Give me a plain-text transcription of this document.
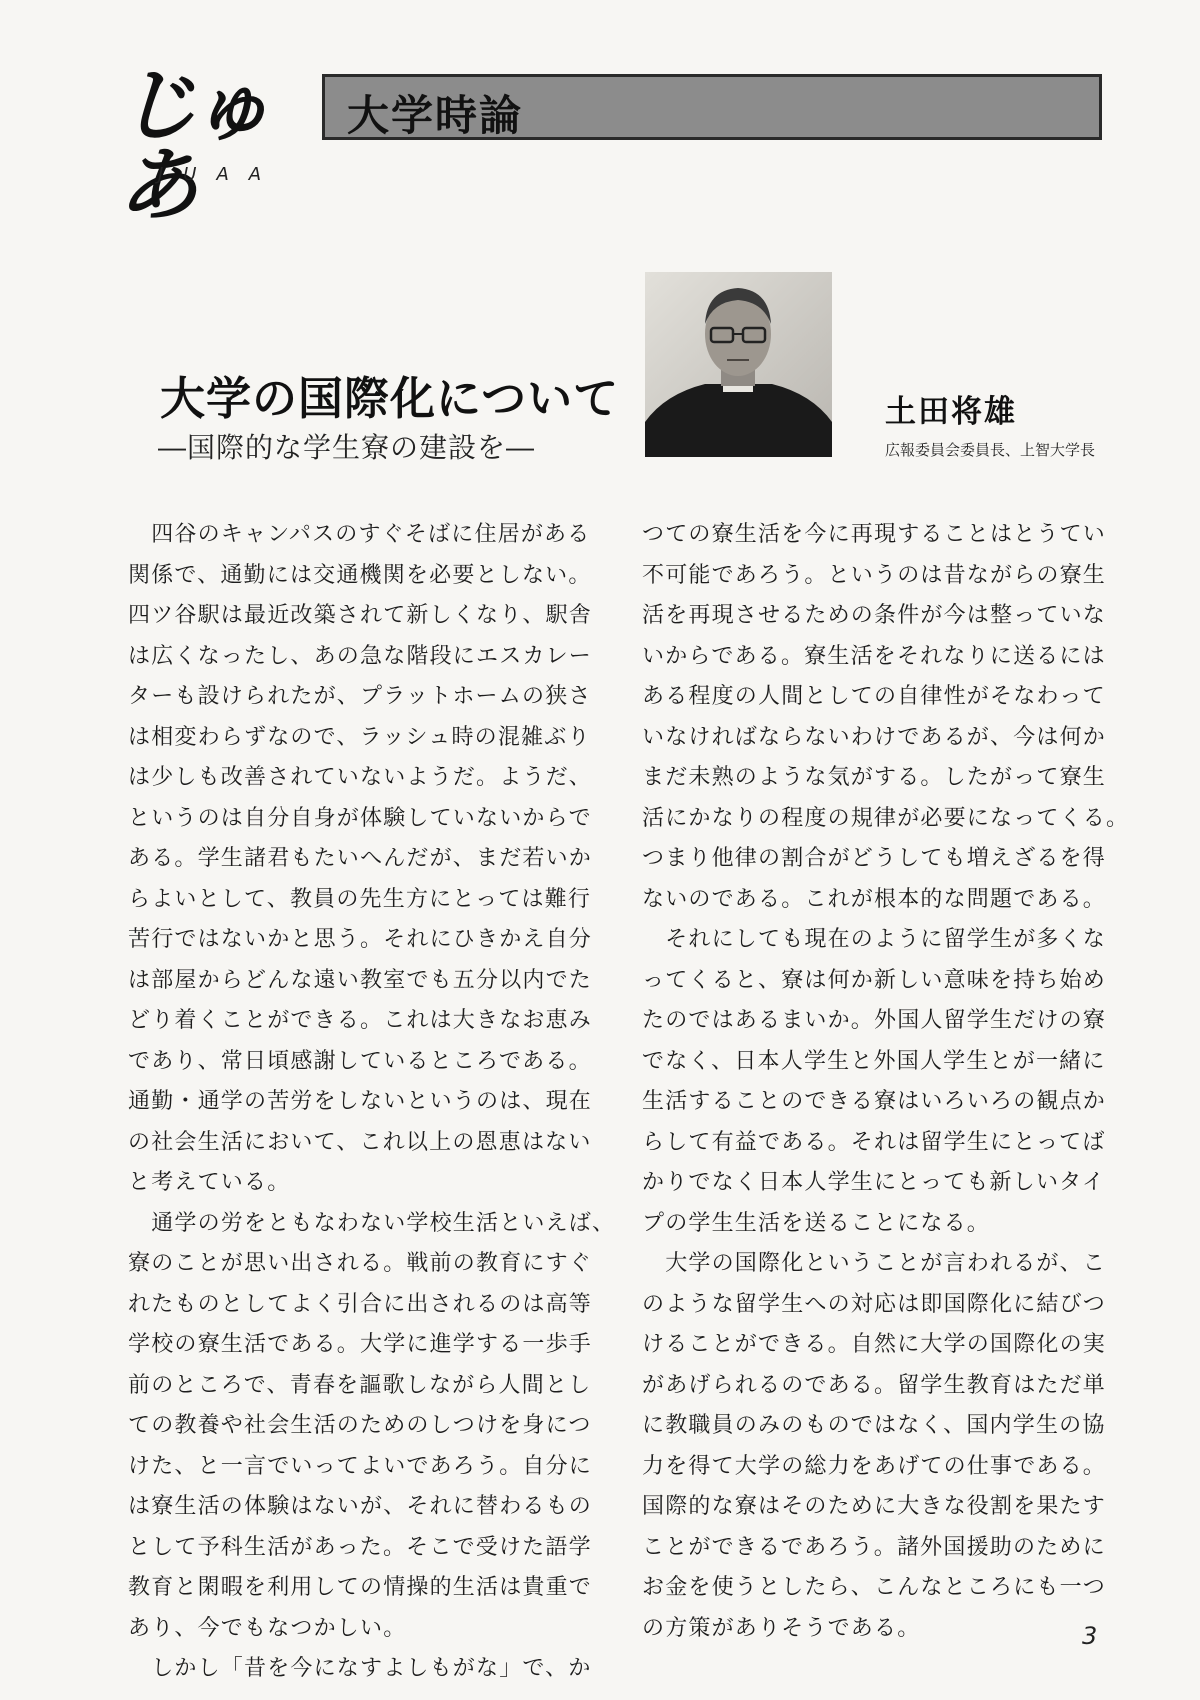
じゅあ
JUAA
大学時論
大学の国際化について
―国際的な学生寮の建設を―
土田将雄
広報委員会委員長、上智大学長
　四谷のキャンパスのすぐそばに住居がある
関係で、通勤には交通機関を必要としない。
四ツ谷駅は最近改築されて新しくなり、駅舎
は広くなったし、あの急な階段にエスカレー
ターも設けられたが、プラットホームの狭さ
は相変わらずなので、ラッシュ時の混雑ぶり
は少しも改善されていないようだ。ようだ、
というのは自分自身が体験していないからで
ある。学生諸君もたいへんだが、まだ若いか
らよいとして、教員の先生方にとっては難行
苦行ではないかと思う。それにひきかえ自分
は部屋からどんな遠い教室でも五分以内でた
どり着くことができる。これは大きなお恵み
であり、常日頃感謝しているところである。
通勤・通学の苦労をしないというのは、現在
の社会生活において、これ以上の恩恵はない
と考えている。
　通学の労をともなわない学校生活といえば、
寮のことが思い出される。戦前の教育にすぐ
れたものとしてよく引合に出されるのは高等
学校の寮生活である。大学に進学する一歩手
前のところで、青春を謳歌しながら人間とし
ての教養や社会生活のためのしつけを身につ
けた、と一言でいってよいであろう。自分に
は寮生活の体験はないが、それに替わるもの
として予科生活があった。そこで受けた語学
教育と閑暇を利用しての情操的生活は貴重で
あり、今でもなつかしい。
　しかし「昔を今になすよしもがな」で、か
つての寮生活を今に再現することはとうてい
不可能であろう。というのは昔ながらの寮生
活を再現させるための条件が今は整っていな
いからである。寮生活をそれなりに送るには
ある程度の人間としての自律性がそなわって
いなければならないわけであるが、今は何か
まだ未熟のような気がする。したがって寮生
活にかなりの程度の規律が必要になってくる。
つまり他律の割合がどうしても増えざるを得
ないのである。これが根本的な問題である。
　それにしても現在のように留学生が多くな
ってくると、寮は何か新しい意味を持ち始め
たのではあるまいか。外国人留学生だけの寮
でなく、日本人学生と外国人学生とが一緒に
生活することのできる寮はいろいろの観点か
らして有益である。それは留学生にとってば
かりでなく日本人学生にとっても新しいタイ
プの学生生活を送ることになる。
　大学の国際化ということが言われるが、こ
のような留学生への対応は即国際化に結びつ
けることができる。自然に大学の国際化の実
があげられるのである。留学生教育はただ単
に教職員のみのものではなく、国内学生の協
力を得て大学の総力をあげての仕事である。
国際的な寮はそのために大きな役割を果たす
ことができるであろう。諸外国援助のために
お金を使うとしたら、こんなところにも一つ
の方策がありそうである。	3
